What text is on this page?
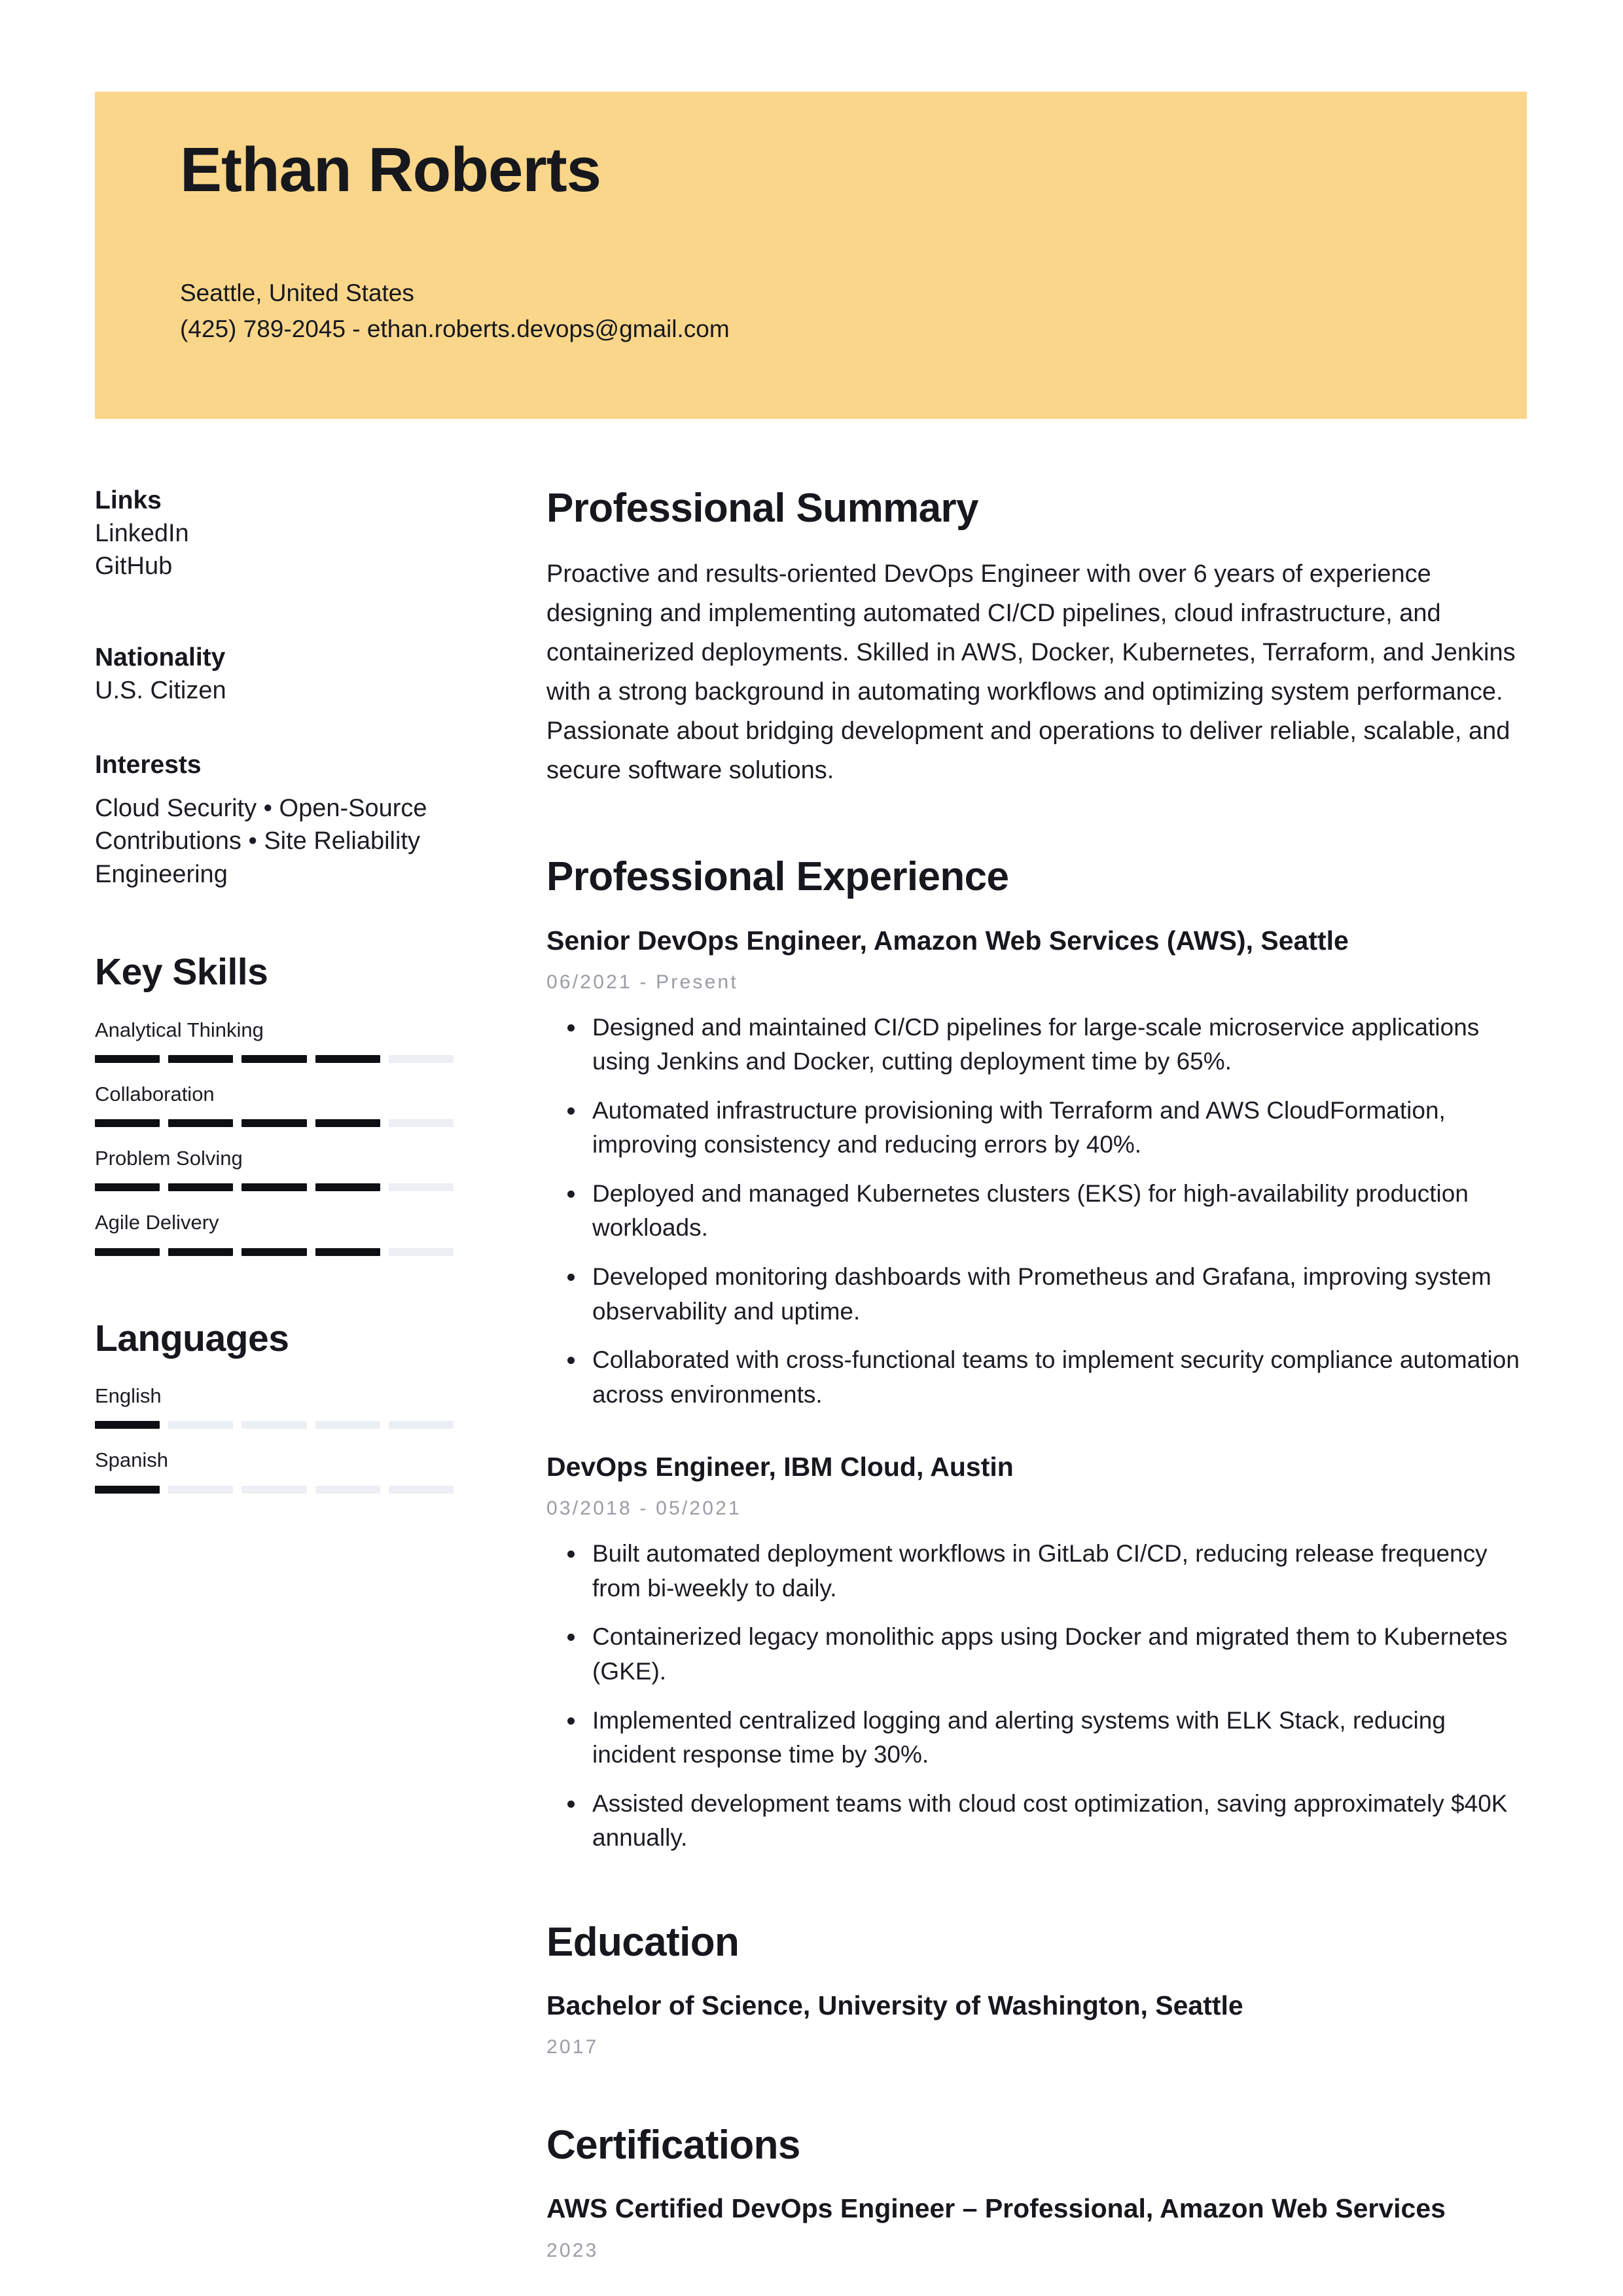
Ethan Roberts
Seattle, United States
(425) 789-2045 - ethan.roberts.devops@gmail.com
Links
LinkedIn
GitHub
Nationality
U.S. Citizen
Interests
Cloud Security • Open-Source Contributions • Site Reliability Engineering
Key Skills
Analytical Thinking
Collaboration
Problem Solving
Agile Delivery
Languages
English
Spanish
Professional Summary

Proactive and results-oriented DevOps Engineer with over 6 years of experience designing and implementing automated CI/CD pipelines, cloud infrastructure, and containerized deployments. Skilled in AWS, Docker, Kubernetes, Terraform, and Jenkins with a strong background in automating workflows and optimizing system performance. Passionate about bridging development and operations to deliver reliable, scalable, and secure software solutions.

Professional Experience
Senior DevOps Engineer, Amazon Web Services (AWS), Seattle
06/2021 - Present
Designed and maintained CI/CD pipelines for large-scale microservice applications using Jenkins and Docker, cutting deployment time by 65%.
Automated infrastructure provisioning with Terraform and AWS CloudFormation, improving consistency and reducing errors by 40%.
Deployed and managed Kubernetes clusters (EKS) for high-availability production workloads.
Developed monitoring dashboards with Prometheus and Grafana, improving system observability and uptime.
Collaborated with cross-functional teams to implement security compliance automation across environments.
DevOps Engineer, IBM Cloud, Austin
03/2018 - 05/2021
Built automated deployment workflows in GitLab CI/CD, reducing release frequency from bi-weekly to daily.
Containerized legacy monolithic apps using Docker and migrated them to Kubernetes (GKE).
Implemented centralized logging and alerting systems with ELK Stack, reducing incident response time by 30%.
Assisted development teams with cloud cost optimization, saving approximately $40K annually.
Education
Bachelor of Science, University of Washington, Seattle
2017
Certifications
AWS Certified DevOps Engineer – Professional, Amazon Web Services
2023
